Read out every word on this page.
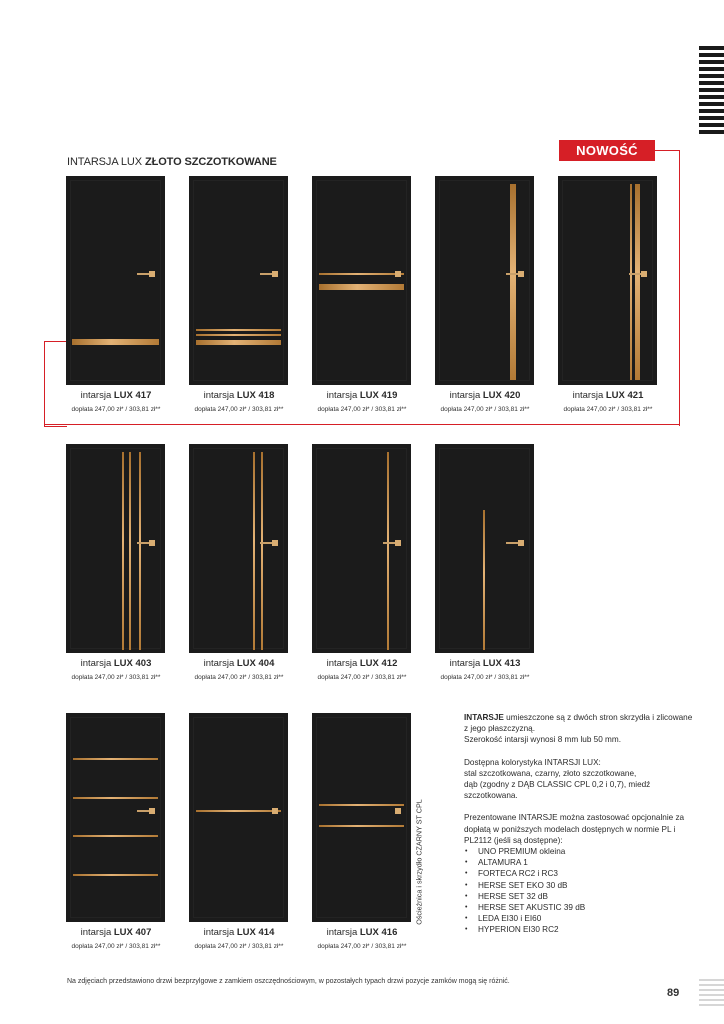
INTARSJA LUX ZŁOTO SZCZOTKOWANE
NOWOŚĆ
intarsja LUX 417
dopłata 247,00 zł* / 303,81 zł**
intarsja LUX 418
dopłata 247,00 zł* / 303,81 zł**
intarsja LUX 419
dopłata 247,00 zł* / 303,81 zł**
intarsja LUX 420
dopłata 247,00 zł* / 303,81 zł**
intarsja LUX 421
dopłata 247,00 zł* / 303,81 zł**
intarsja LUX 403
dopłata 247,00 zł* / 303,81 zł**
intarsja LUX 404
dopłata 247,00 zł* / 303,81 zł**
intarsja LUX 412
dopłata 247,00 zł* / 303,81 zł**
intarsja LUX 413
dopłata 247,00 zł* / 303,81 zł**
intarsja LUX 407
dopłata 247,00 zł* / 303,81 zł**
intarsja LUX 414
dopłata 247,00 zł* / 303,81 zł**
intarsja LUX 416
dopłata 247,00 zł* / 303,81 zł**
Ościeżnica i skrzydło CZARNY ST CPL

INTARSJE umieszczone są z dwóch stron skrzydła i zlicowane z jego płaszczyzną.
Szerokość intarsji wynosi 8 mm lub 50 mm.

Dostępna kolorystyka INTARSJI LUX:
stal szczotkowana, czarny, złoto szczotkowane,
dąb (zgodny z DĄB CLASSIC CPL 0,2 i 0,7), miedź szczotkowana.

Prezentowane INTARSJE można zastosować opcjonalnie za dopłatą w poniższych modelach dostępnych w normie PL i PL2112 (jeśli są dostępne):

• UNO PREMIUM okleina
• ALTAMURA 1
• FORTECA RC2 i RC3
• HERSE SET EKO 30 dB
• HERSE SET 32 dB
• HERSE SET AKUSTIC 39 dB
• LEDA EI30 i EI60
• HYPERION EI30 RC2
Na zdjęciach przedstawiono drzwi bezprzylgowe z zamkiem oszczędnościowym, w pozostałych typach drzwi pozycje zamków mogą się różnić.
89
